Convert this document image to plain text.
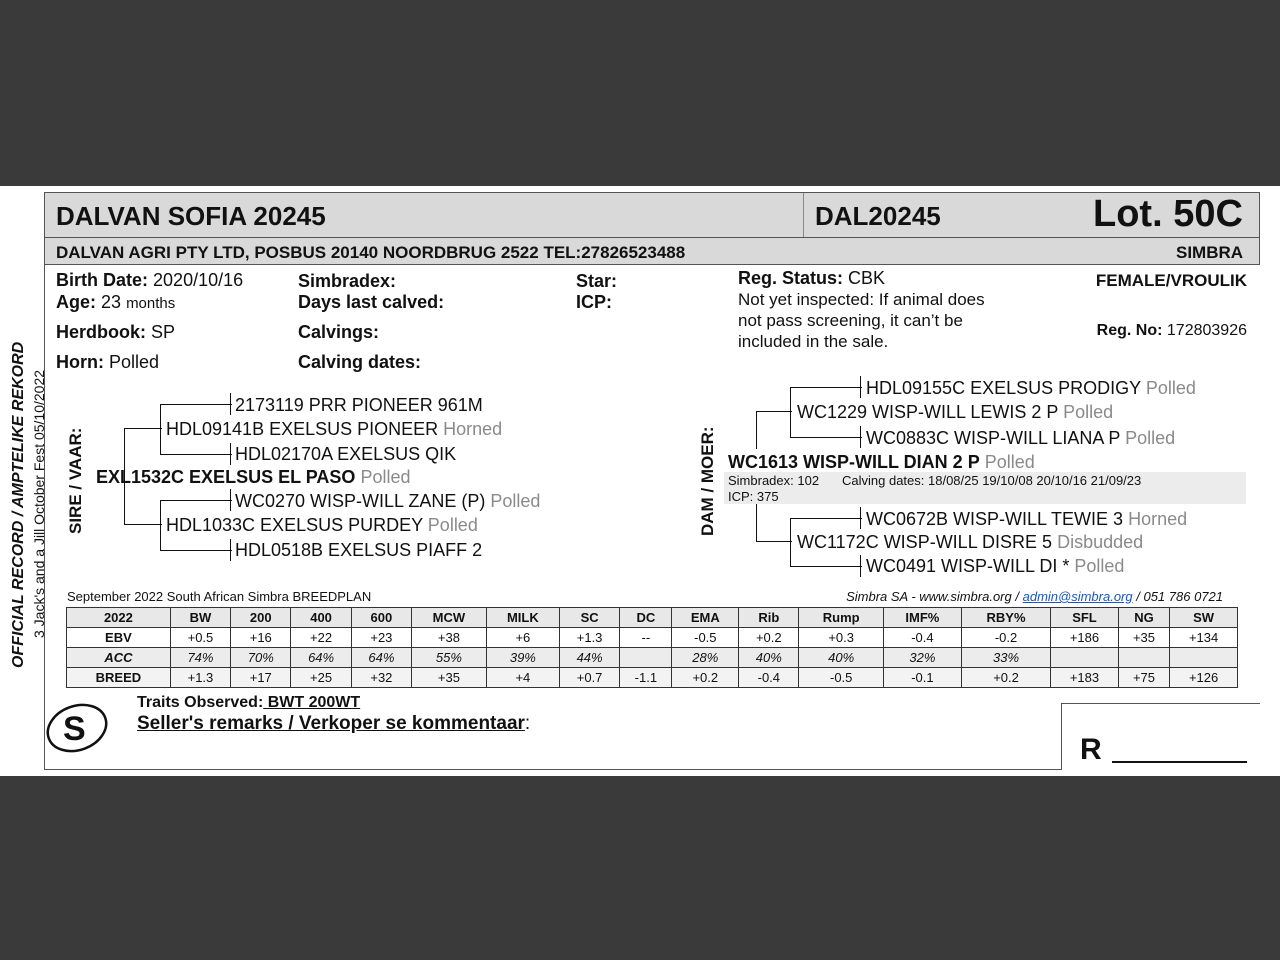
DALVAN SOFIA 20245	DAL20245	Lot. 50C
DALVAN AGRI PTY LTD, POSBUS 20140 NOORDBRUG 2522 TEL:27826523488	SIMBRA
Birth Date: 2020/10/16
Age: 23 months
Herdbook: SP
Horn: Polled
Simbradex:
Days last calved:
Calvings:
Calving dates:
Star:
ICP:
Reg. Status: CBK
Not yet inspected: If animal does
not pass screening, it can’t be
included in the sale.
FEMALE/VROULIK
Reg. No: 172803926
OFFICIAL RECORD / AMPTELIKE REKORD 3 Jack's and a Jill October Fest 05/10/2022 SIRE / VAAR:
2173119 PRR PIONEER 961M
HDL09141B EXELSUS PIONEER Horned
HDL02170A EXELSUS QIK
EXL1532C EXELSUS EL PASO Polled
WC0270 WISP-WILL ZANE (P) Polled
HDL1033C EXELSUS PURDEY Polled
HDL0518B EXELSUS PIAFF 2
DAM / MOER:
HDL09155C EXELSUS PRODIGY Polled
WC1229 WISP-WILL LEWIS 2 P Polled
WC0883C WISP-WILL LIANA P Polled
WC1613 WISP-WILL DIAN 2 P Polled
Simbradex: 102 Calving dates: 18/08/25 19/10/08 20/10/16 21/09/23
ICP: 375
WC0672B WISP-WILL TEWIE 3 Horned
WC1172C WISP-WILL DISRE 5 Disbudded
WC0491 WISP-WILL DI * Polled
September 2022 South African Simbra BREEDPLAN	Simbra SA - www.simbra.org / admin@simbra.org / 051 786 0721
2022	BW	200	400	600	MCW	MILK	SC	DC	EMA	Rib	Rump	IMF%	RBY%	SFL	NG	SW
EBV	+0.5	+16	+22	+23	+38	+6	+1.3	--	-0.5	+0.2	+0.3	-0.4	-0.2	+186	+35	+134
ACC	74%	70%	64%	64%	55%	39%	44%		28%	40%	40%	32%	33%			
BREED	+1.3	+17	+25	+32	+35	+4	+0.7	-1.1	+0.2	-0.4	-0.5	-0.1	+0.2	+183	+75	+126
S
Traits Observed: BWT 200WT
Seller's remarks / Verkoper se kommentaar:
R
